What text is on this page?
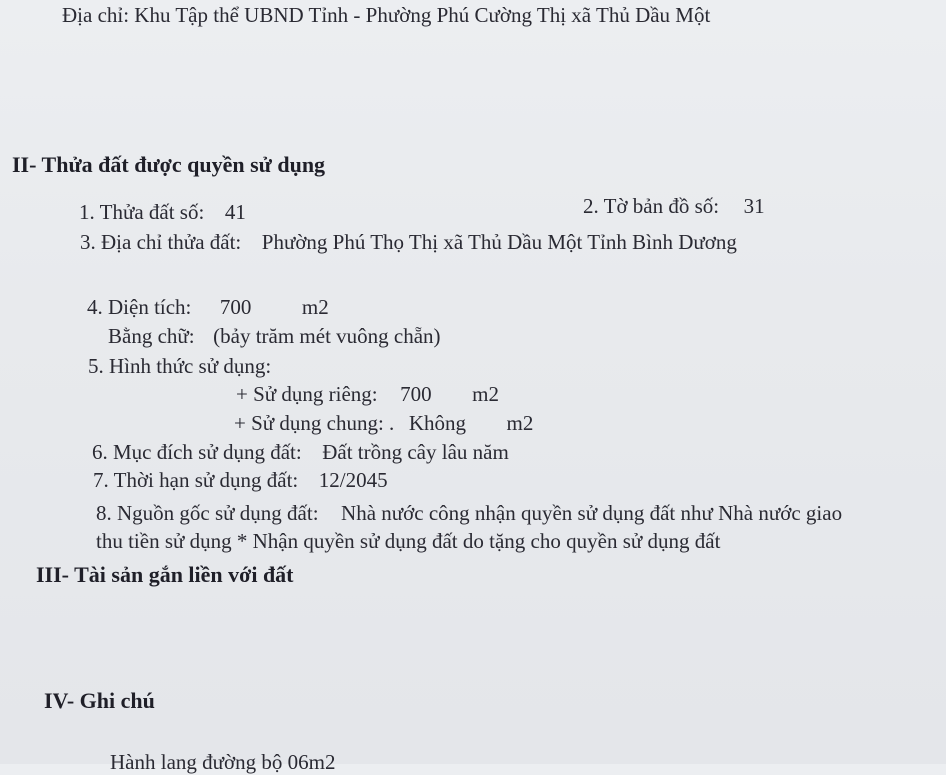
Địa chỉ: Khu Tập thể UBND Tỉnh - Phường Phú Cường Thị xã Thủ Dầu Một
II- Thửa đất được quyền sử dụng
1. Thửa đất số: 41	2. Tờ bản đồ số: 31
3. Địa chỉ thửa đất: Phường Phú Thọ Thị xã Thủ Dầu Một Tỉnh Bình Dương
4. Diện tích: 700 m2
Bằng chữ: (bảy trăm mét vuông chẵn)
5. Hình thức sử dụng:
+ Sử dụng riêng: 700 m2
+ Sử dụng chung: . Không m2
6. Mục đích sử dụng đất: Đất trồng cây lâu năm
7. Thời hạn sử dụng đất: 12/2045
8. Nguồn gốc sử dụng đất: Nhà nước công nhận quyền sử dụng đất như Nhà nước giao
thu tiền sử dụng * Nhận quyền sử dụng đất do tặng cho quyền sử dụng đất
III- Tài sản gắn liền với đất
IV- Ghi chú
Hành lang đường bộ 06m2
